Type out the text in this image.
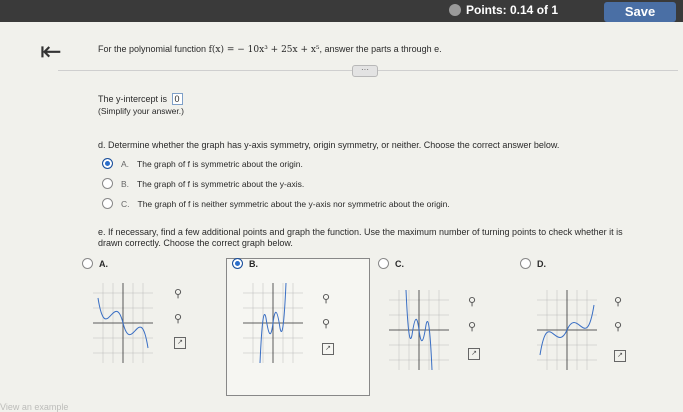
Points: 0.14 of 1	Save
⇤	For the polynomial function f(x) = − 10x³ + 25x + x⁵, answer the parts a through e.
···
The y-intercept is 0
(Simplify your answer.)
d. Determine whether the graph has y-axis symmetry, origin symmetry, or neither. Choose the correct answer below.
A. The graph of f is symmetric about the origin.
B. The graph of f is symmetric about the y-axis.
C. The graph of f is neither symmetric about the y-axis nor symmetric about the origin.
e. If necessary, find a few additional points and graph the function. Use the maximum number of turning points to check whether it is drawn correctly. Choose the correct graph below.
A.
⚲
⚲
↗
B.
⚲
⚲
↗
C.
⚲
⚲
↗
D.
⚲
⚲
↗
View an example
